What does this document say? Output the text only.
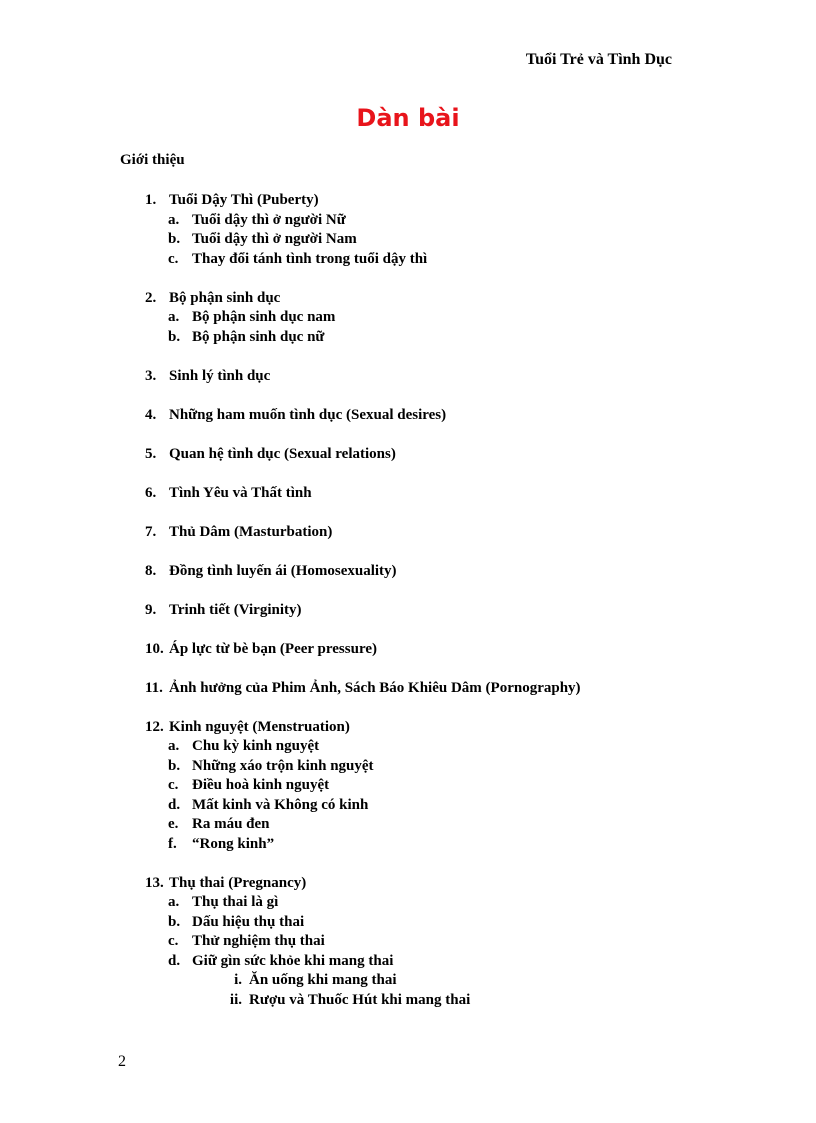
Tuổi Trẻ và Tình Dục
Dàn bài
Giới thiệu
1. Tuổi Dậy Thì (Puberty)
a. Tuổi dậy thì ở người Nữ
b. Tuổi dậy thì ở người Nam
c. Thay đổi tánh tình trong tuổi dậy thì
2. Bộ phận sinh dục
a. Bộ phận sinh dục nam
b. Bộ phận sinh dục nữ
3. Sinh lý tình dục
4. Những ham muốn tình dục (Sexual desires)
5. Quan hệ tình dục (Sexual relations)
6. Tình Yêu và Thất tình
7. Thủ Dâm (Masturbation)
8. Đồng tình luyến ái (Homosexuality)
9. Trinh tiết (Virginity)
10. Áp lực từ bè bạn (Peer pressure)
11. Ảnh hưởng của Phim Ảnh, Sách Báo Khiêu Dâm (Pornography)
12. Kinh nguyệt (Menstruation)
a. Chu kỳ kinh nguyệt
b. Những xáo trộn kinh nguyệt
c. Điều hoà kinh nguyệt
d. Mất kinh và Không có kinh
e. Ra máu đen
f.	“Rong kinh”
13. Thụ thai (Pregnancy)
a. Thụ thai là gì
b. Dấu hiệu thụ thai
c. Thử nghiệm thụ thai
d. Giữ gìn sức khỏe khi mang thai
i. Ăn uống khi mang thai
ii. Rượu và Thuốc Hút khi mang thai
2
